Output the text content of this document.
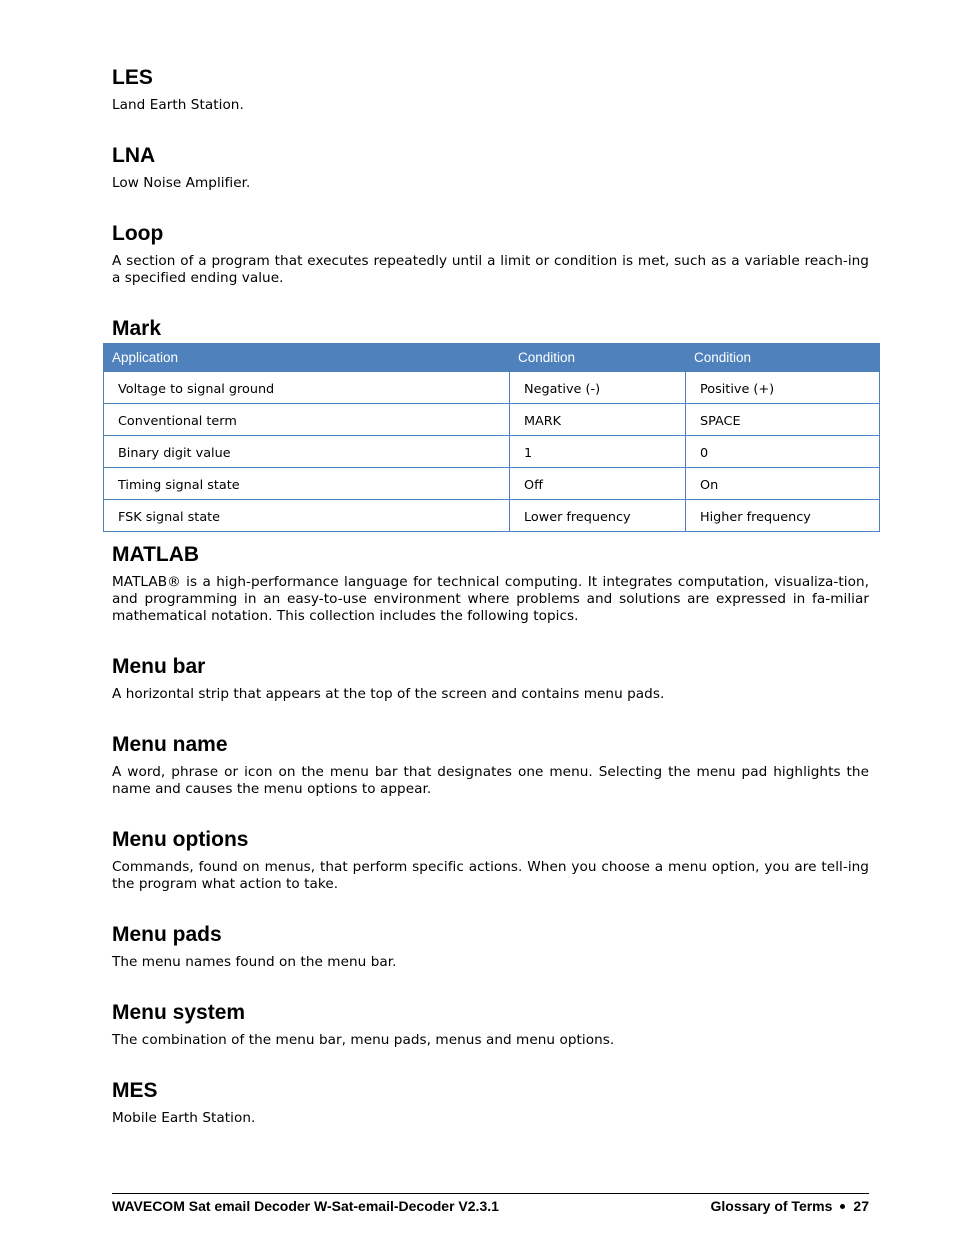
LES

Land Earth Station.

LNA

Low Noise Amplifier.

Loop

A section of a program that executes repeatedly until a limit or condition is met, such as a variable reach-ing a specified ending value.

Mark
MATLAB

MATLAB® is a high-performance language for technical computing. It integrates computation, visualiza-tion, and programming in an easy-to-use environment where problems and solutions are expressed in fa-miliar mathematical notation. This collection includes the following topics.

Menu bar

A horizontal strip that appears at the top of the screen and contains menu pads.

Menu name

A word, phrase or icon on the menu bar that designates one menu. Selecting the menu pad highlights the name and causes the menu options to appear.

Menu options

Commands, found on menus, that perform specific actions. When you choose a menu option, you are tell-ing the program what action to take.

Menu pads

The menu names found on the menu bar.

Menu system

The combination of the menu bar, menu pads, menus and menu options.

MES

Mobile Earth Station.

Application	Condition	Condition
Voltage to signal ground	Negative (-)	Positive (+)
Conventional term	MARK	SPACE
Binary digit value	1	0
Timing signal state	Off	On
FSK signal state	Lower frequency	Higher frequency
WAVECOM Sat email Decoder W-Sat-email-Decoder V2.3.1	Glossary of Terms 27
